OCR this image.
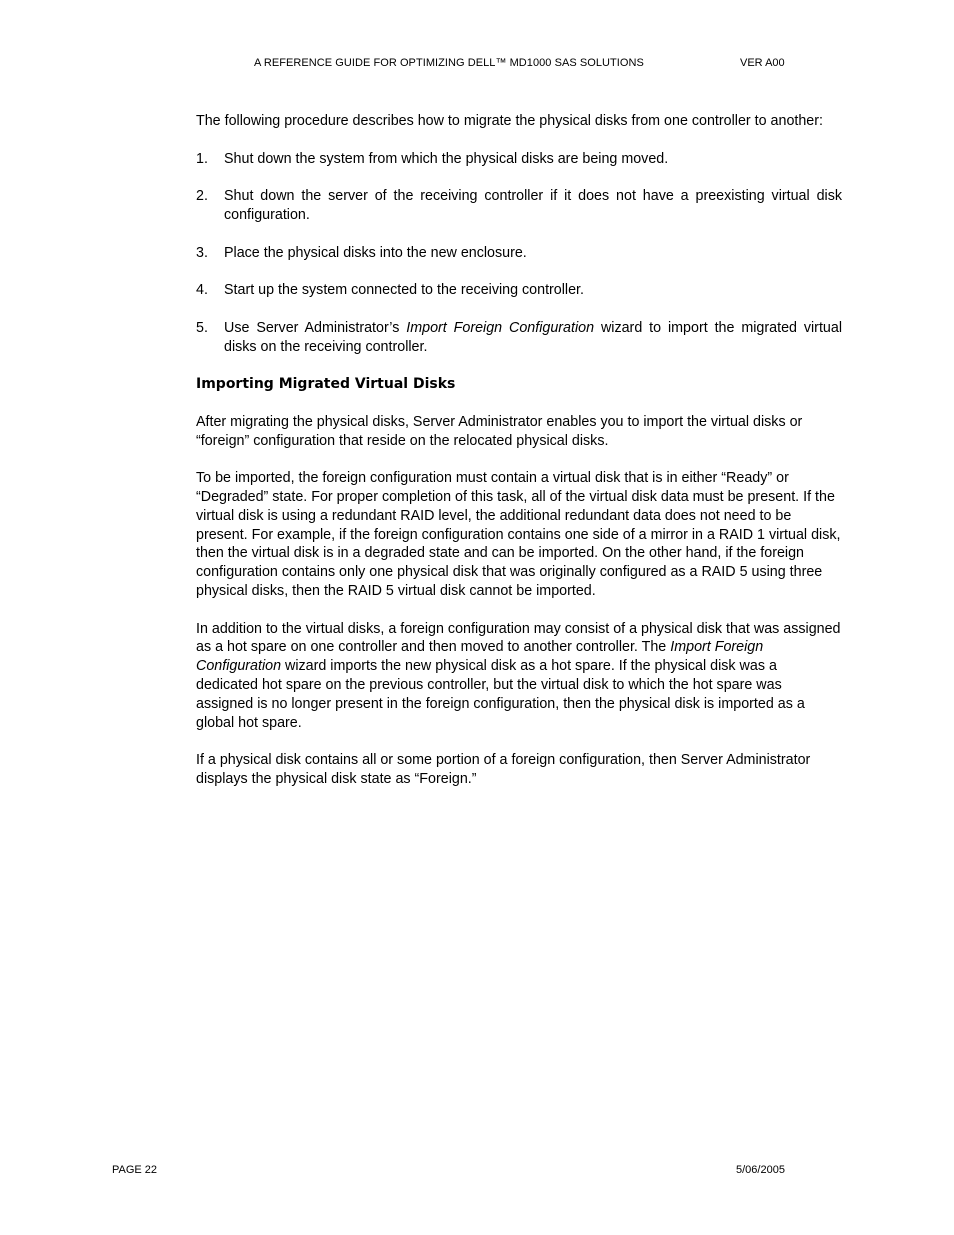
A REFERENCE GUIDE FOR OPTIMIZING DELL™ MD1000 SAS SOLUTIONS	VER A00

The following procedure describes how to migrate the physical disks from one controller to another:

1. Shut down the system from which the physical disks are being moved.
2. Shut down the server of the receiving controller if it does not have a preexisting virtual disk configuration.
3. Place the physical disks into the new enclosure.
4. Start up the system connected to the receiving controller.
5. Use Server Administrator’s Import Foreign Configuration wizard to import the migrated virtual disks on the receiving controller.
Importing Migrated Virtual Disks

After migrating the physical disks, Server Administrator enables you to import the virtual disks or “foreign” configuration that reside on the relocated physical disks.

To be imported, the foreign configuration must contain a virtual disk that is in either “Ready” or “Degraded” state. For proper completion of this task, all of the virtual disk data must be present. If the virtual disk is using a redundant RAID level, the additional redundant data does not need to be present. For example, if the foreign configuration contains one side of a mirror in a RAID 1 virtual disk, then the virtual disk is in a degraded state and can be imported. On the other hand, if the foreign configuration contains only one physical disk that was originally configured as a RAID 5 using three physical disks, then the RAID 5 virtual disk cannot be imported.

In addition to the virtual disks, a foreign configuration may consist of a physical disk that was assigned as a hot spare on one controller and then moved to another controller. The Import Foreign Configuration wizard imports the new physical disk as a hot spare. If the physical disk was a dedicated hot spare on the previous controller, but the virtual disk to which the hot spare was assigned is no longer present in the foreign configuration, then the physical disk is imported as a global hot spare.

If a physical disk contains all or some portion of a foreign configuration, then Server Administrator displays the physical disk state as “Foreign.”

PAGE 22	5/06/2005
